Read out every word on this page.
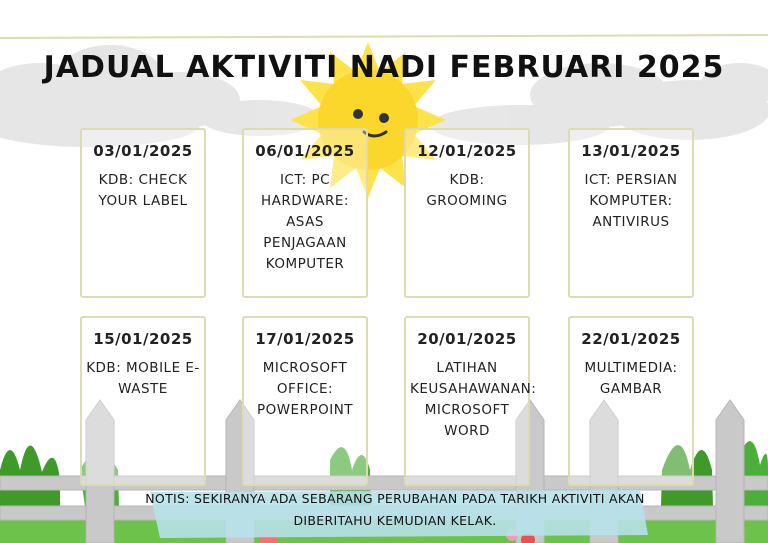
JADUAL AKTIVITI NADI FEBRUARI 2025
03/01/2025
KDB: CHECK YOUR LABEL
06/01/2025
ICT: PC HARDWARE: ASAS PENJAGAAN KOMPUTER
12/01/2025
KDB: GROOMING
13/01/2025
ICT: PERSIAN KOMPUTER: ANTIVIRUS
15/01/2025
KDB: MOBILE E-WASTE
17/01/2025
MICROSOFT OFFICE: POWERPOINT
20/01/2025
LATIHAN KEUSAHAWANAN: MICROSOFT WORD
22/01/2025
MULTIMEDIA: GAMBAR
NOTIS: SEKIRANYA ADA SEBARANG PERUBAHAN PADA TARIKH AKTIVITI AKAN DIBERITAHU KEMUDIAN KELAK.
